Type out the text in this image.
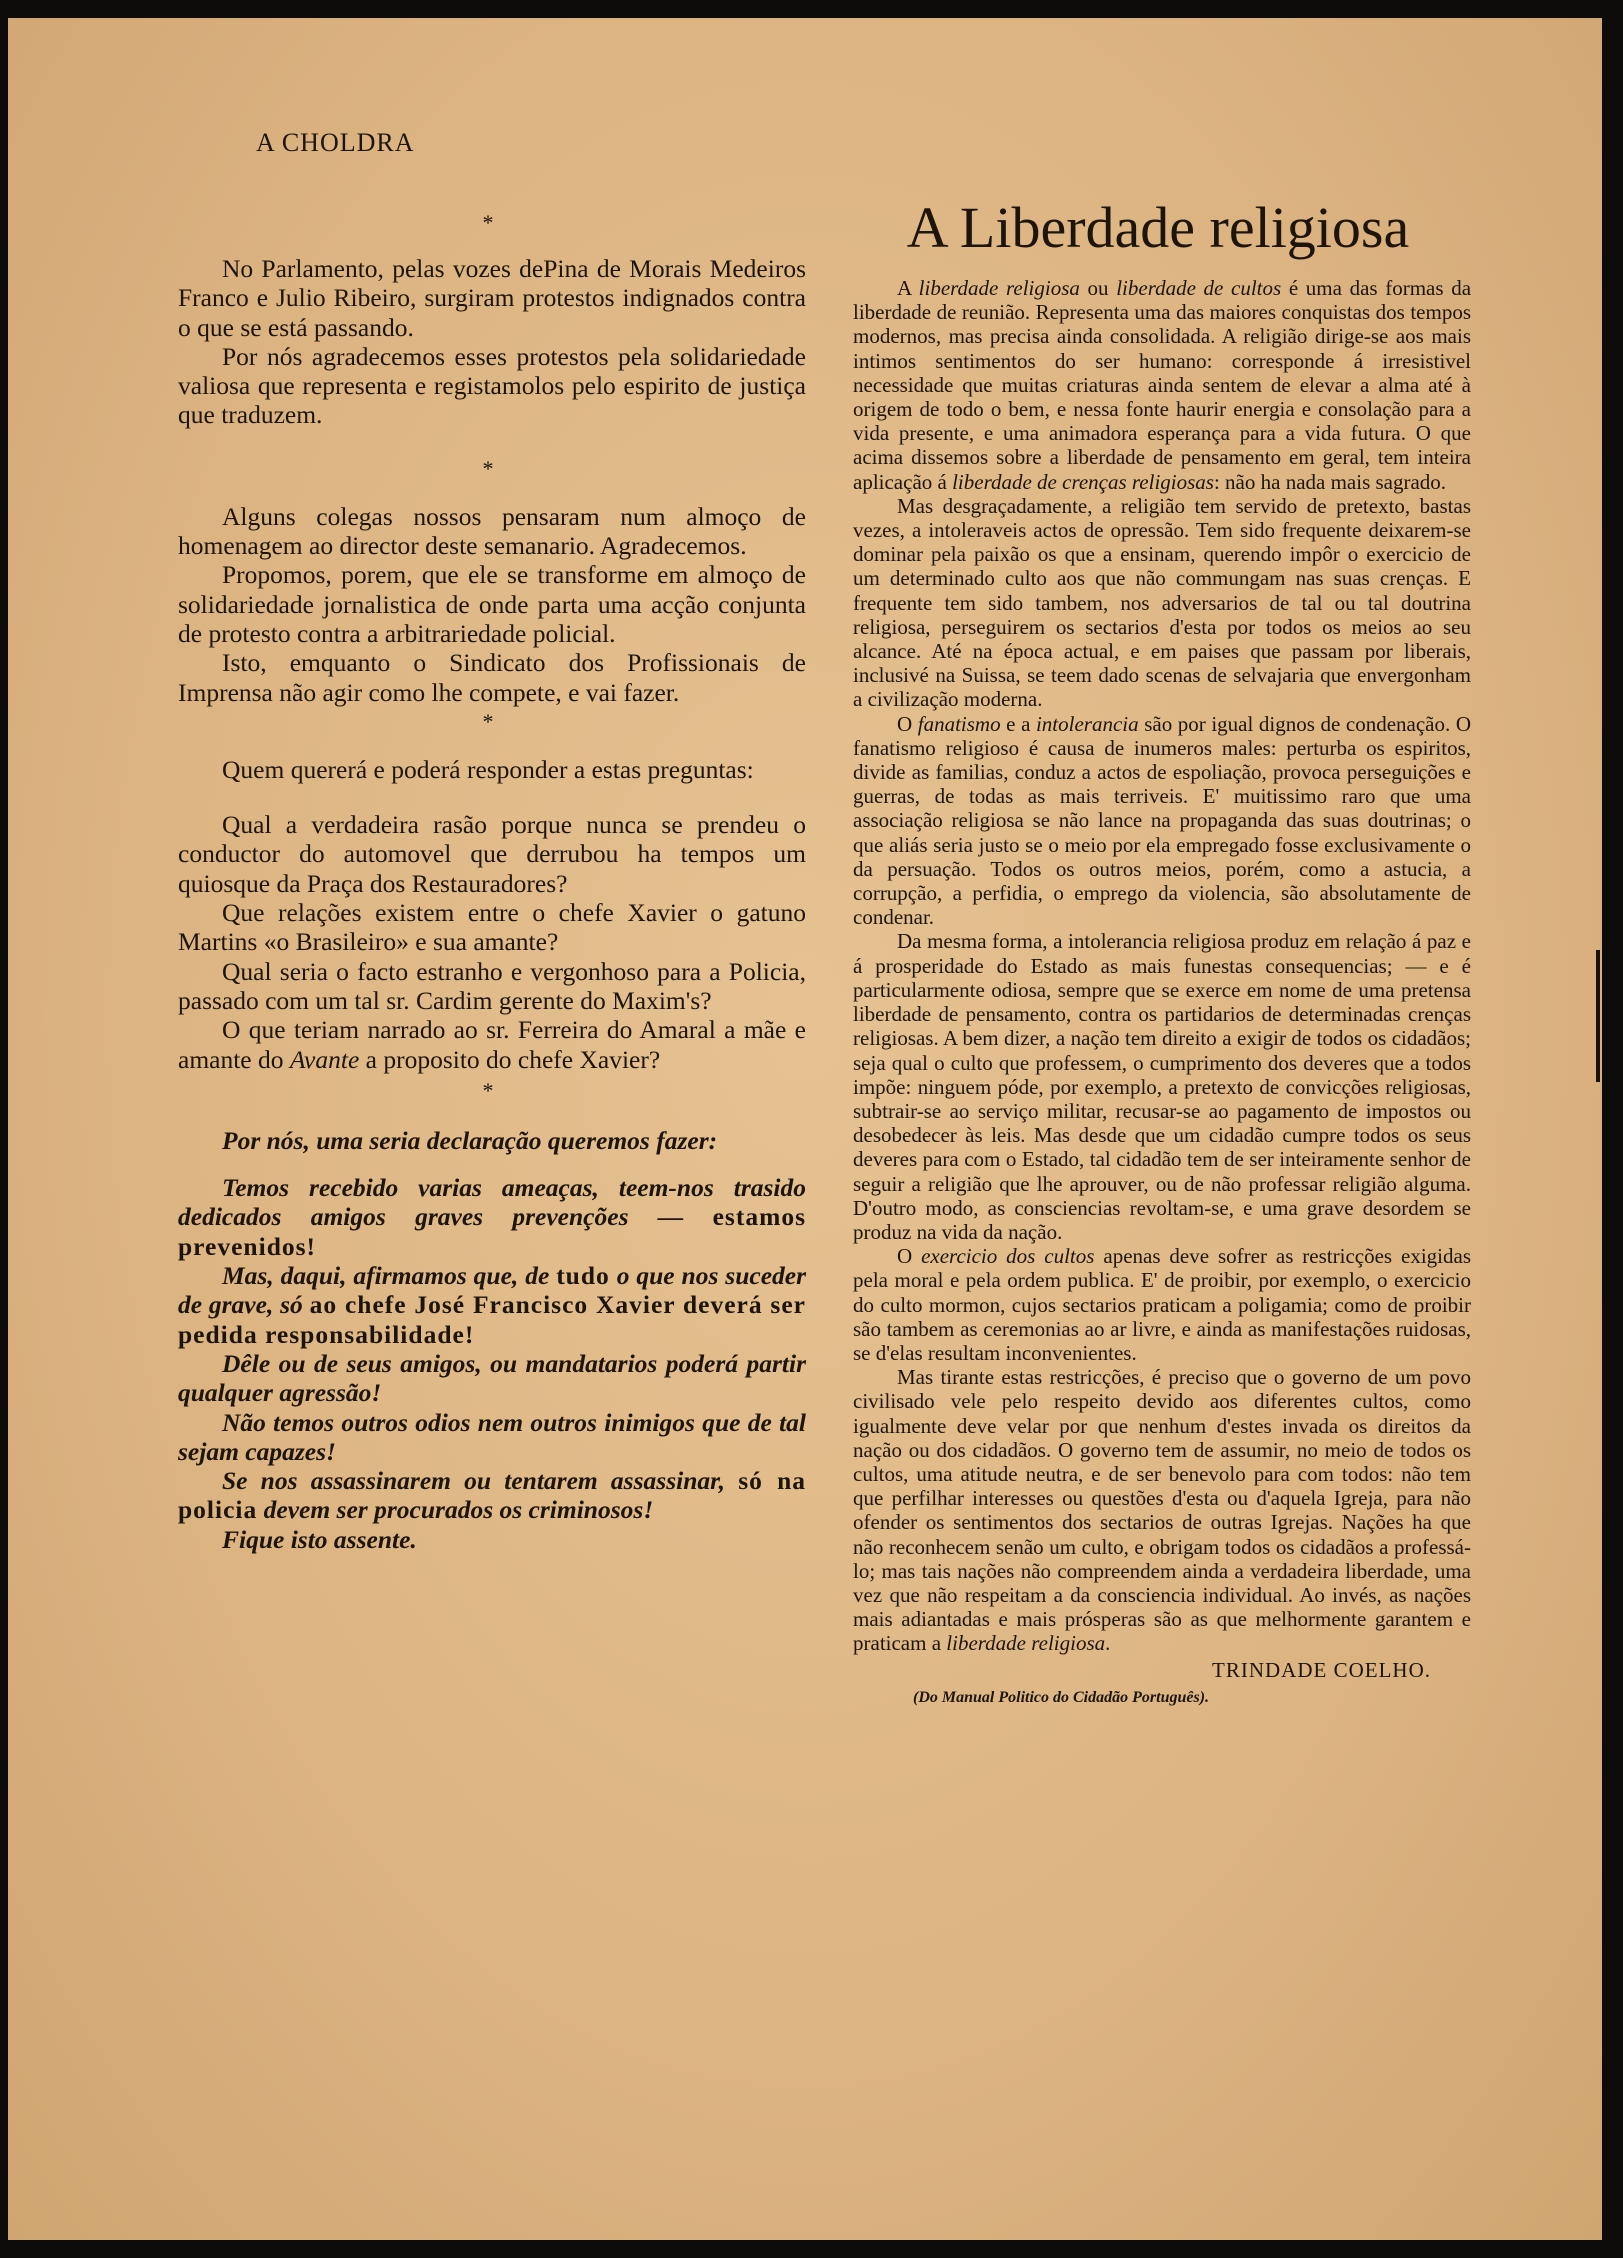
A CHOLDRA
*

No Parlamento, pelas vozes dePina de Morais Medeiros Franco e Julio Ribeiro, surgiram protestos indignados contra o que se está passando.

Por nós agradecemos esses protestos pela solidariedade valiosa que representa e registamolos pelo espirito de justiça que traduzem.

*

Alguns colegas nossos pensaram num almoço de homenagem ao director deste semanario. Agradecemos.

Propomos, porem, que ele se transforme em almoço de solidariedade jornalistica de onde parta uma acção conjunta de protesto contra a arbitrariedade policial.

Isto, emquanto o Sindicato dos Profissionais de Imprensa não agir como lhe compete, e vai fazer.

*

Quem quererá e poderá responder a estas preguntas:

Qual a verdadeira rasão porque nunca se prendeu o conductor do automovel que derrubou ha tempos um quiosque da Praça dos Restauradores?

Que relações existem entre o chefe Xavier o gatuno Martins «o Brasileiro» e sua amante?

Qual seria o facto estranho e vergonhoso para a Policia, passado com um tal sr. Cardim gerente do Maxim's?

O que teriam narrado ao sr. Ferreira do Amaral a mãe e amante do Avante a proposito do chefe Xavier?

*

Por nós, uma seria declaração queremos fazer:

Temos recebido varias ameaças, teem-nos trasido dedicados amigos graves prevenções — estamos prevenidos!

Mas, daqui, afirmamos que, de tudo o que nos suceder de grave, só ao chefe José Francisco Xavier deverá ser pedida responsabilidade!

Dêle ou de seus amigos, ou mandatarios poderá partir qualquer agressão!

Não temos outros odios nem outros inimigos que de tal sejam capazes!

Se nos assassinarem ou tentarem assassinar, só na policia devem ser procurados os criminosos!

Fique isto assente.

A Liberdade religiosa

A liberdade religiosa ou liberdade de cultos é uma das formas da liberdade de reunião. Representa uma das maiores conquistas dos tempos modernos, mas precisa ainda consolidada. A religião dirige-se aos mais intimos sentimentos do ser humano: corresponde á irresistivel necessidade que muitas criaturas ainda sentem de elevar a alma até à origem de todo o bem, e nessa fonte haurir energia e consolação para a vida presente, e uma animadora esperança para a vida futura. O que acima dissemos sobre a liberdade de pensamento em geral, tem inteira aplicação á liberdade de crenças religiosas: não ha nada mais sagrado.

Mas desgraçadamente, a religião tem servido de pretexto, bastas vezes, a intoleraveis actos de opressão. Tem sido frequente deixarem-se dominar pela paixão os que a ensinam, querendo impôr o exercicio de um determinado culto aos que não commungam nas suas crenças. E frequente tem sido tambem, nos adversarios de tal ou tal doutrina religiosa, perseguirem os sectarios d'esta por todos os meios ao seu alcance. Até na época actual, e em paises que passam por liberais, inclusivé na Suissa, se teem dado scenas de selvajaria que envergonham a civilização moderna.

O fanatismo e a intolerancia são por igual dignos de condenação. O fanatismo religioso é causa de inumeros males: perturba os espiritos, divide as familias, conduz a actos de espoliação, provoca perseguições e guerras, de todas as mais terriveis. E' muitissimo raro que uma associação religiosa se não lance na propaganda das suas doutrinas; o que aliás seria justo se o meio por ela empregado fosse exclusivamente o da persuação. Todos os outros meios, porém, como a astucia, a corrupção, a perfidia, o emprego da violencia, são absolutamente de condenar.

Da mesma forma, a intolerancia religiosa produz em relação á paz e á prosperidade do Estado as mais funestas consequencias; — e é particularmente odiosa, sempre que se exerce em nome de uma pretensa liberdade de pensamento, contra os partidarios de determinadas crenças religiosas. A bem dizer, a nação tem direito a exigir de todos os cidadãos; seja qual o culto que professem, o cumprimento dos deveres que a todos impõe: ninguem póde, por exemplo, a pretexto de convicções religiosas, subtrair-se ao serviço militar, recusar-se ao pagamento de impostos ou desobedecer às leis. Mas desde que um cidadão cumpre todos os seus deveres para com o Estado, tal cidadão tem de ser inteiramente senhor de seguir a religião que lhe aprouver, ou de não professar religião alguma. D'outro modo, as consciencias revoltam-se, e uma grave desordem se produz na vida da nação.

O exercicio dos cultos apenas deve sofrer as restricções exigidas pela moral e pela ordem publica. E' de proibir, por exemplo, o exercicio do culto mormon, cujos sectarios praticam a poligamia; como de proibir são tambem as ceremonias ao ar livre, e ainda as manifestações ruidosas, se d'elas resultam inconvenientes.

Mas tirante estas restricções, é preciso que o governo de um povo civilisado vele pelo respeito devido aos diferentes cultos, como igualmente deve velar por que nenhum d'estes invada os direitos da nação ou dos cidadãos. O governo tem de assumir, no meio de todos os cultos, uma atitude neutra, e de ser benevolo para com todos: não tem que perfilhar interesses ou questões d'esta ou d'aquela Igreja, para não ofender os sentimentos dos sectarios de outras Igrejas. Nações ha que não reconhecem senão um culto, e obrigam todos os cidadãos a professá-lo; mas tais nações não compreendem ainda a verdadeira liberdade, uma vez que não respeitam a da consciencia individual. Ao invés, as nações mais adiantadas e mais prósperas são as que melhormente garantem e praticam a liberdade religiosa.

TRINDADE COELHO.
(Do Manual Politico do Cidadão Português).
